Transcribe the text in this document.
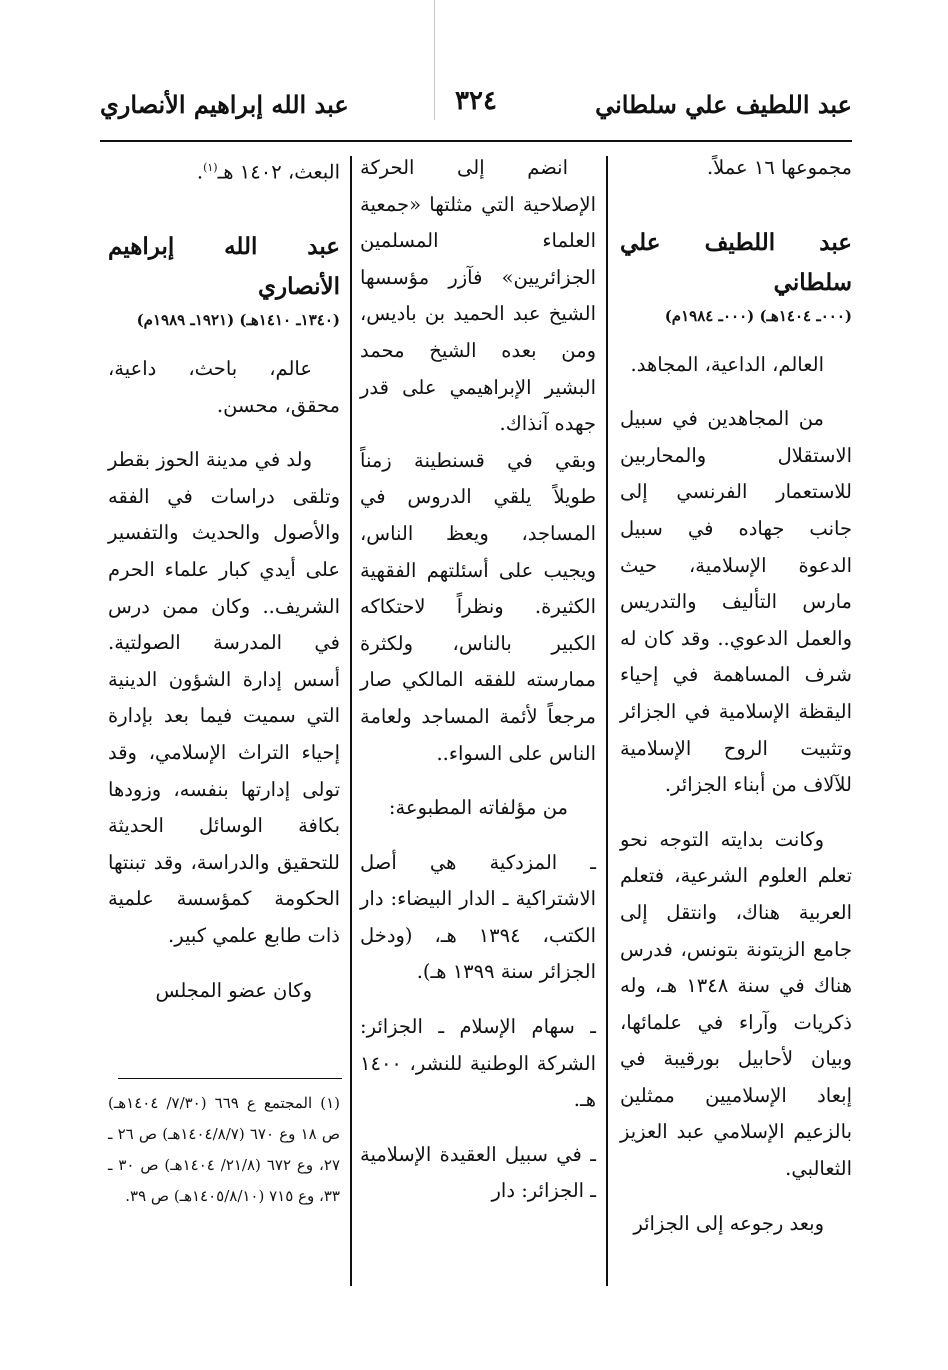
عبد اللطيف علي سلطاني
٣٢٤
عبد الله إبراهيم الأنصاري

مجموعها ١٦ عملاً.

عبد اللطيف علي سلطاني

(٠٠٠ـ ١٤٠٤هـ) (٠٠٠ـ ١٩٨٤م)

العالم، الداعية، المجاهد.

من المجاهدين في سبيل الاستقلال والمحاربين للاستعمار الفرنسي إلى جانب جهاده في سبيل الدعوة الإسلامية، حيث مارس التأليف والتدريس والعمل الدعوي.. وقد كان له شرف المساهمة في إحياء اليقظة الإسلامية في الجزائر وتثبيت الروح الإسلامية للآلاف من أبناء الجزائر.

وكانت بدايته التوجه نحو تعلم العلوم الشرعية، فتعلم العربية هناك، وانتقل إلى جامع الزيتونة بتونس، فدرس هناك في سنة ١٣٤٨ هـ، وله ذكريات وآراء في علمائها، وبيان لأحابيل بورقيبة في إبعاد الإسلاميين ممثلين بالزعيم الإسلامي عبد العزيز الثعالبي.

وبعد رجوعه إلى الجزائر

انضم إلى الحركة الإصلاحية التي مثلتها «جمعية العلماء المسلمين الجزائريين» فآزر مؤسسها الشيخ عبد الحميد بن باديس، ومن بعده الشيخ محمد البشير الإبراهيمي على قدر جهده آنذاك.

وبقي في قسنطينة زمناً طويلاً يلقي الدروس في المساجد، ويعظ الناس، ويجيب على أسئلتهم الفقهية الكثيرة. ونظراً لاحتكاكه الكبير بالناس، ولكثرة ممارسته للفقه المالكي صار مرجعاً لأئمة المساجد ولعامة الناس على السواء..

من مؤلفاته المطبوعة:

ـ المزدكية هي أصل الاشتراكية ـ الدار البيضاء: دار الكتب، ١٣٩٤ هـ، (ودخل الجزائر سنة ١٣٩٩ هـ).

ـ سهام الإسلام ـ الجزائر: الشركة الوطنية للنشر، ١٤٠٠ هـ.

ـ في سبيل العقيدة الإسلامية ـ الجزائر: دار

البعث، ١٤٠٢ هـ$^{(١)}$.

عبد الله إبراهيم الأنصاري

(١٣٤٠ـ ١٤١٠هـ) (١٩٢١ـ ١٩٨٩م)

عالم، باحث، داعية، محقق، محسن.

ولد في مدينة الحوز بقطر وتلقى دراسات في الفقه والأصول والحديث والتفسير على أيدي كبار علماء الحرم الشريف.. وكان ممن درس في المدرسة الصولتية. أسس إدارة الشؤون الدينية التي سميت فيما بعد بإدارة إحياء التراث الإسلامي، وقد تولى إدارتها بنفسه، وزودها بكافة الوسائل الحديثة للتحقيق والدراسة، وقد تبنتها الحكومة كمؤسسة علمية ذات طابع علمي كبير.

وكان عضو المجلس

(١) المجتمع ع ٦٦٩ (٧/٣٠/ ١٤٠٤هـ) ص ١٨ وع ٦٧٠ (١٤٠٤/٨/٧هـ) ص ٢٦ ـ ٢٧، وع ٦٧٢ (٢١/٨/ ١٤٠٤هـ) ص ٣٠ ـ ٣٣، وع ٧١٥ (١٤٠٥/٨/١٠هـ) ص ٣٩.
